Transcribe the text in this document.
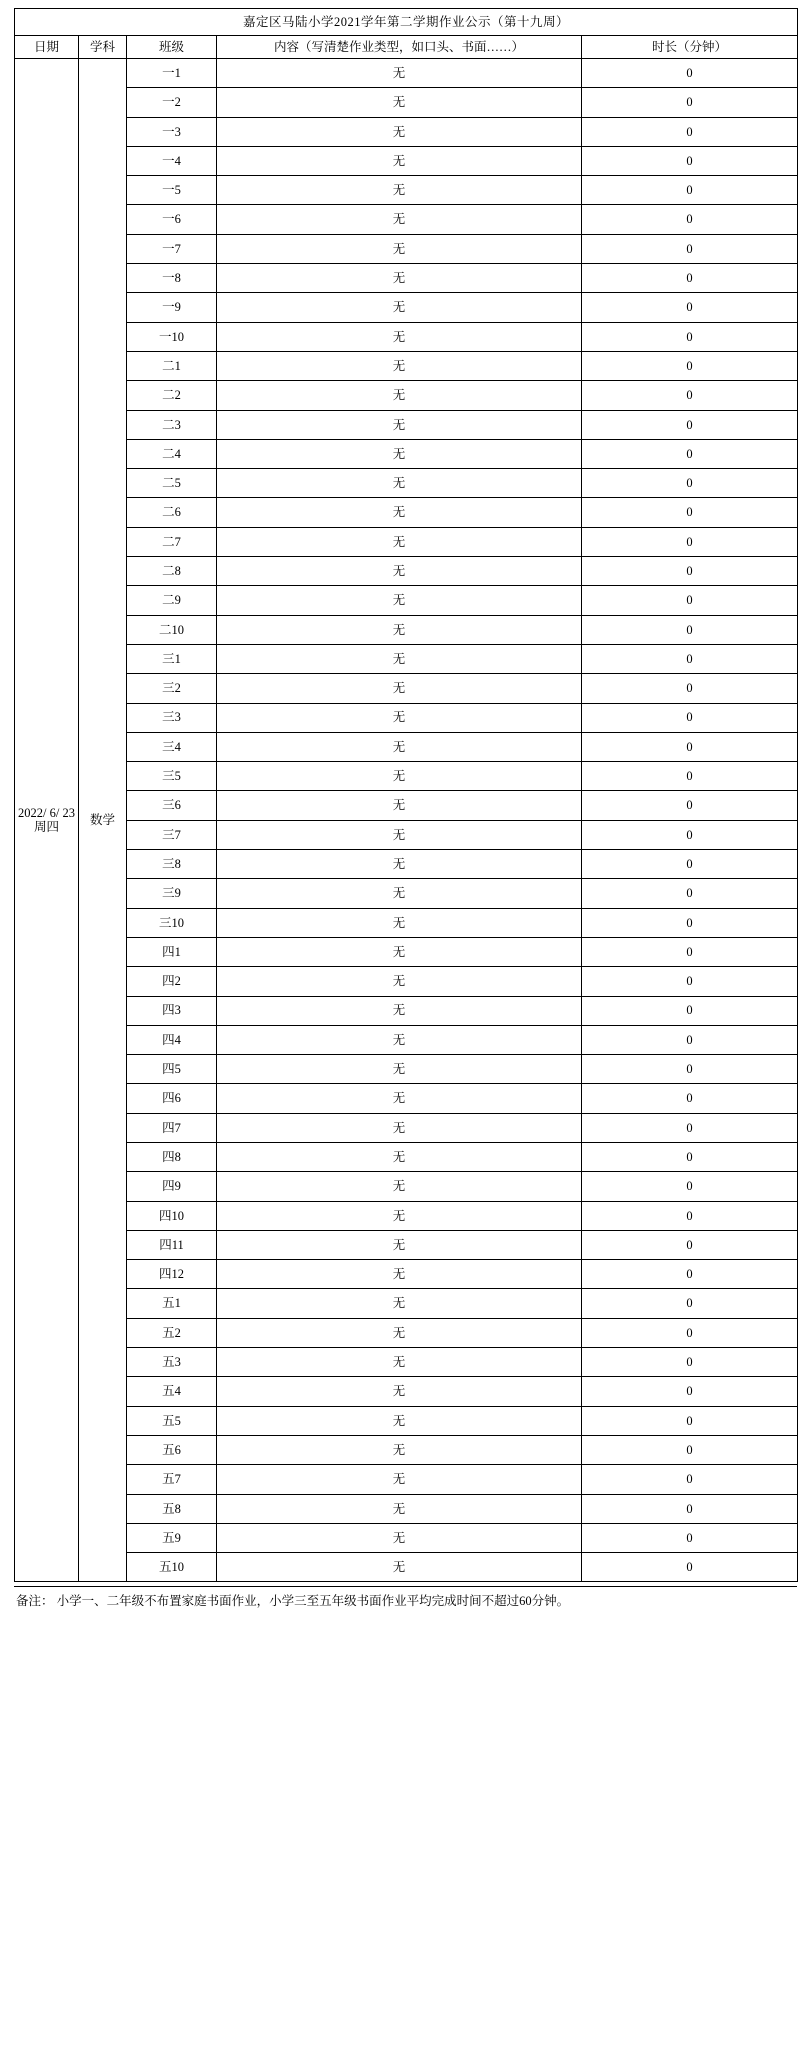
嘉定区马陆小学2021学年第二学期作业公示（第十九周）				
日期	学科	班级	内容（写清楚作业类型，如口头、书面……）	时长（分钟）

2022/ 6/ 23
周四	数学	一1	无	0
		一2	无	0
		一3	无	0
		一4	无	0
		一5	无	0
		一6	无	0
		一7	无	0
		一8	无	0
		一9	无	0
		一10	无	0
		二1	无	0
		二2	无	0
		二3	无	0
		二4	无	0
		二5	无	0
		二6	无	0
		二7	无	0
		二8	无	0
		二9	无	0
		二10	无	0
		三1	无	0
		三2	无	0
		三3	无	0
		三4	无	0
		三5	无	0
		三6	无	0
		三7	无	0
		三8	无	0
		三9	无	0
		三10	无	0
		四1	无	0
		四2	无	0
		四3	无	0
		四4	无	0
		四5	无	0
		四6	无	0
		四7	无	0
		四8	无	0
		四9	无	0
		四10	无	0
		四11	无	0
		四12	无	0
		五1	无	0
		五2	无	0
		五3	无	0
		五4	无	0
		五5	无	0
		五6	无	0
		五7	无	0
		五8	无	0
		五9	无	0
		五10	无	0
备注： 小学一、二年级不布置家庭书面作业，小学三至五年级书面作业平均完成时间不超过60分钟。
